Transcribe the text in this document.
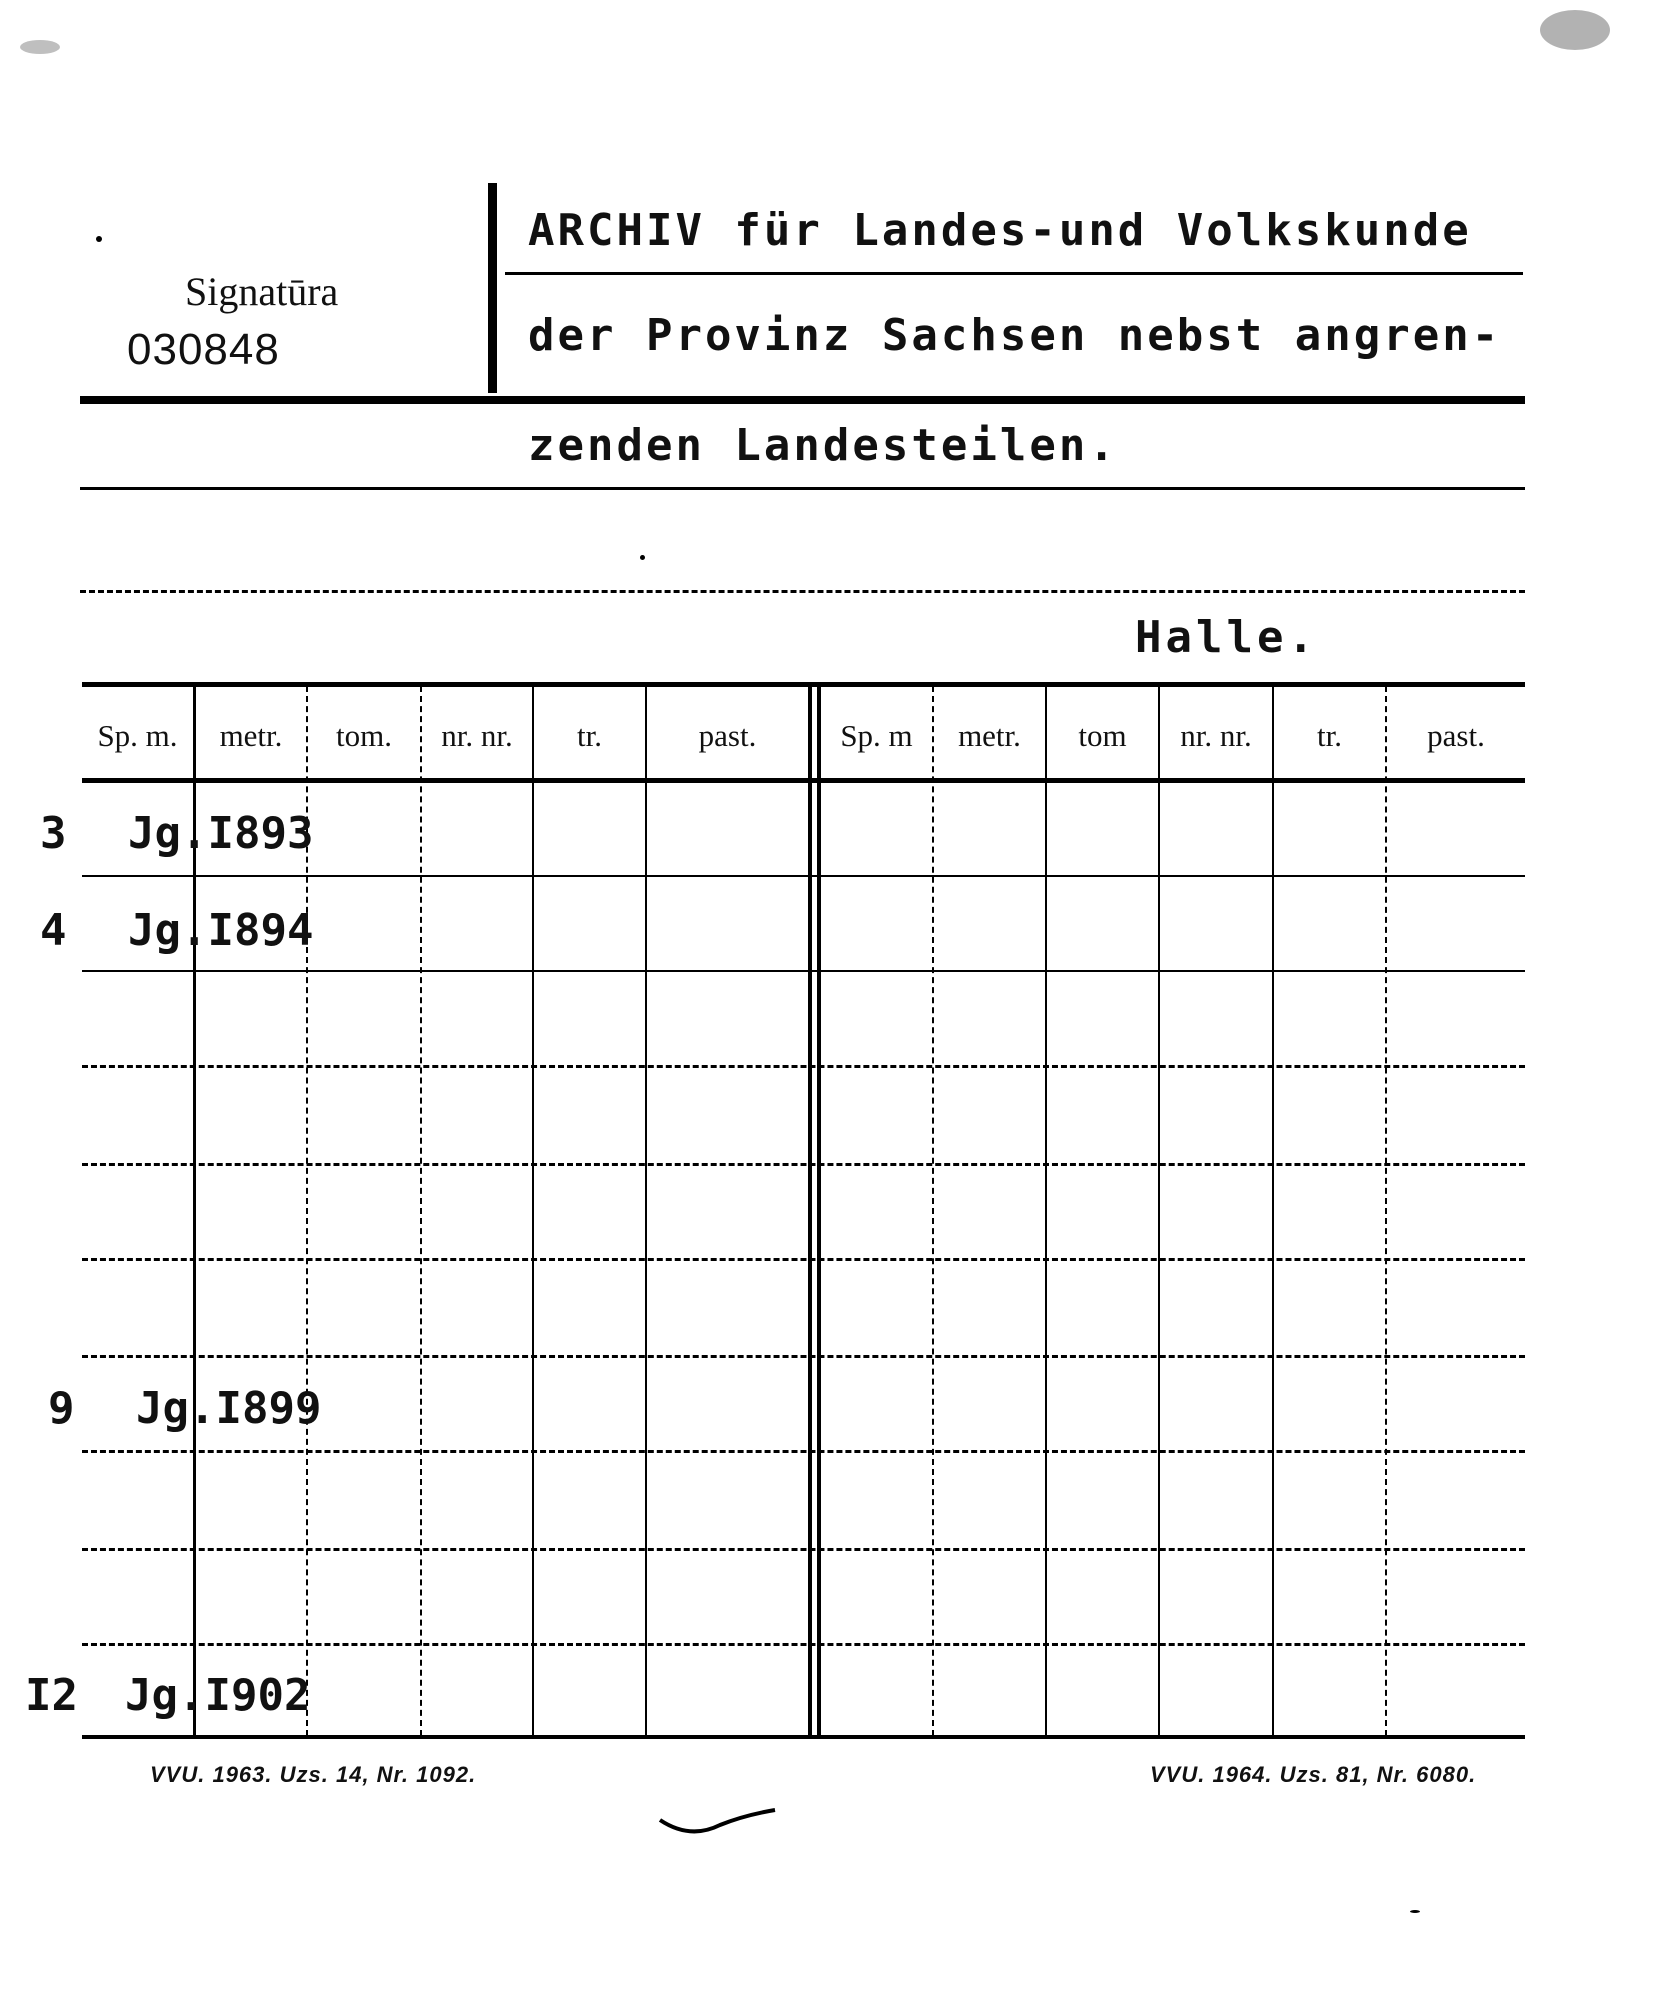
Signatūra
030848
ARCHIV für Landes-und Volkskunde
der Provinz Sachsen nebst angren-
zenden Landesteilen.
Halle.
Sp. m.	metr.	tom.	nr. nr.	tr.	past.	Sp. m	metr.	tom	nr. nr.	tr.	past.
3 Jg.I893
4 Jg.I894
9 Jg.I899
I2 Jg.I902
VVU. 1963. Uzs. 14, Nr. 1092.	VVU. 1964. Uzs. 81, Nr. 6080.
